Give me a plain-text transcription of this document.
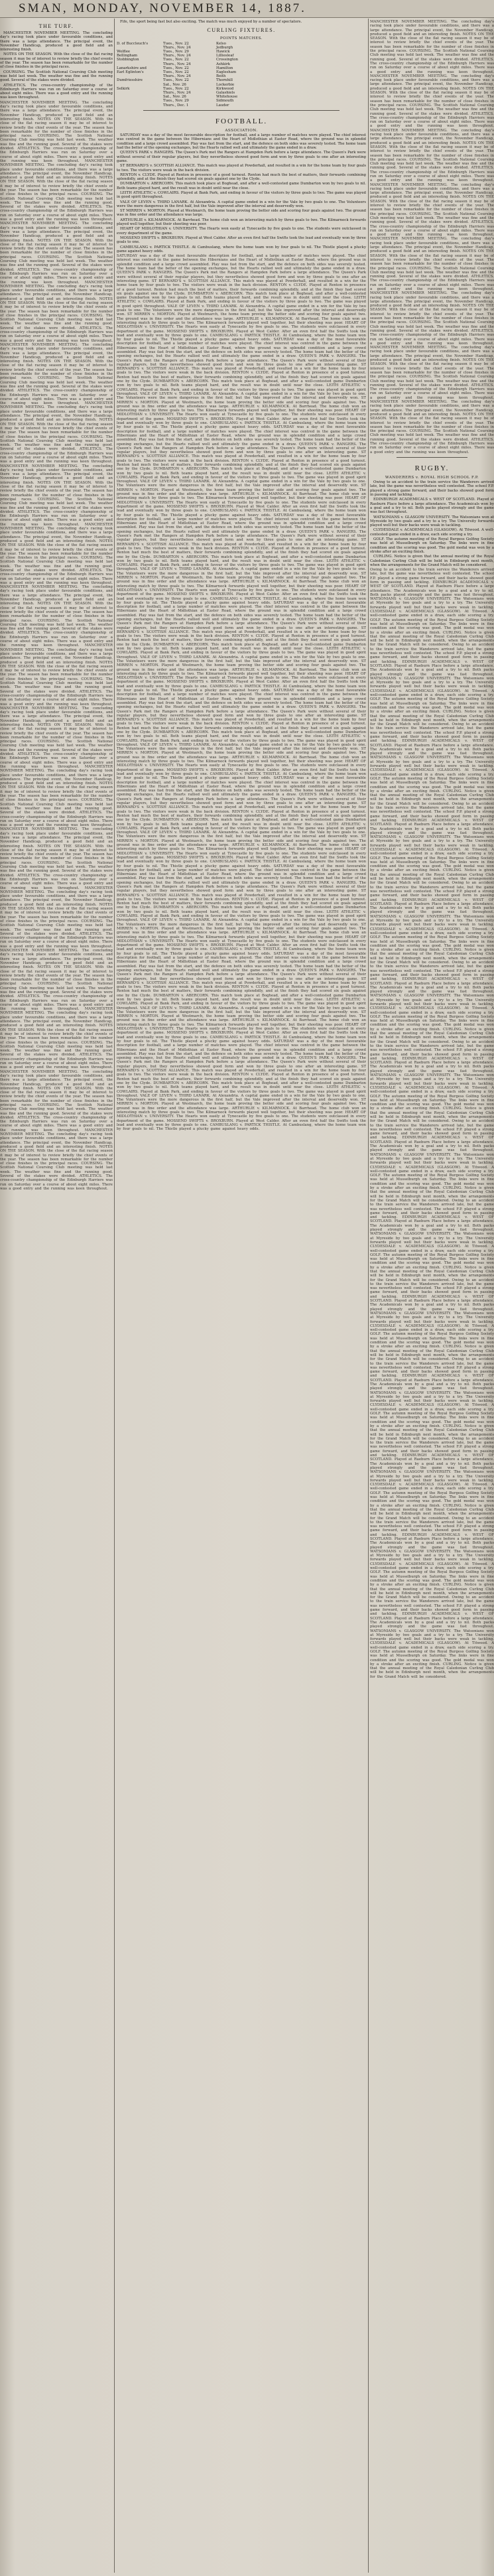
SMAN, MONDAY, NOVEMBER 14, 1887.
THE TURF.

MANCHESTER NOVEMBER MEETING. The concluding day's racing took place under favourable conditions, and there was a large attendance. The principal event, the November Handicap, produced a good field and an interesting finish.

NOTES ON THE SEASON. With the close of the flat racing season it may be of interest to review briefly the chief events of the year. The season has been remarkable for the number of close finishes in the principal races.

COURSING. The Scottish National Coursing Club meeting was held last week. The weather was fine and the running good. Several of the stakes were divided.

ATHLETICS. The cross-country championship of the Edinburgh Harriers was run on Saturday over a course of about eight miles. There was a good entry and the running was keen throughout.

MANCHESTER NOVEMBER MEETING. The concluding day's racing took place under favourable conditions, and there was a large attendance. The principal event, the November Handicap, produced a good field and an interesting finish. NOTES ON THE SEASON. With the close of the flat racing season it may be of interest to review briefly the chief events of the year. The season has been remarkable for the number of close finishes in the principal races. COURSING. The Scottish National Coursing Club meeting was held last week. The weather was fine and the running good. Several of the stakes were divided. ATHLETICS. The cross-country championship of the Edinburgh Harriers was run on Saturday over a course of about eight miles. There was a good entry and the running was keen throughout. MANCHESTER NOVEMBER MEETING. The concluding day's racing took place under favourable conditions, and there was a large attendance. The principal event, the November Handicap, produced a good field and an interesting finish. NOTES ON THE SEASON. With the close of the flat racing season it may be of interest to review briefly the chief events of the year. The season has been remarkable for the number of close finishes in the principal races. COURSING. The Scottish National Coursing Club meeting was held last week. The weather was fine and the running good. Several of the stakes were divided. ATHLETICS. The cross-country championship of the Edinburgh Harriers was run on Saturday over a course of about eight miles. There was a good entry and the running was keen throughout. MANCHESTER NOVEMBER MEETING. The concluding day's racing took place under favourable conditions, and there was a large attendance. The principal event, the November Handicap, produced a good field and an interesting finish. NOTES ON THE SEASON. With the close of the flat racing season it may be of interest to review briefly the chief events of the year. The season has been remarkable for the number of close finishes in the principal races. COURSING. The Scottish National Coursing Club meeting was held last week. The weather was fine and the running good. Several of the stakes were divided. ATHLETICS. The cross-country championship of the Edinburgh Harriers was run on Saturday over a course of about eight miles. There was a good entry and the running was keen throughout. MANCHESTER NOVEMBER MEETING. The concluding day's racing took place under favourable conditions, and there was a large attendance. The principal event, the November Handicap, produced a good field and an interesting finish. NOTES ON THE SEASON. With the close of the flat racing season it may be of interest to review briefly the chief events of the year. The season has been remarkable for the number of close finishes in the principal races. COURSING. The Scottish National Coursing Club meeting was held last week. The weather was fine and the running good. Several of the stakes were divided. ATHLETICS. The cross-country championship of the Edinburgh Harriers was run on Saturday over a course of about eight miles. There was a good entry and the running was keen throughout. MANCHESTER NOVEMBER MEETING. The concluding day's racing took place under favourable conditions, and there was a large attendance. The principal event, the November Handicap, produced a good field and an interesting finish. NOTES ON THE SEASON. With the close of the flat racing season it may be of interest to review briefly the chief events of the year. The season has been remarkable for the number of close finishes in the principal races. COURSING. The Scottish National Coursing Club meeting was held last week. The weather was fine and the running good. Several of the stakes were divided. ATHLETICS. The cross-country championship of the Edinburgh Harriers was run on Saturday over a course of about eight miles. There was a good entry and the running was keen throughout. MANCHESTER NOVEMBER MEETING. The concluding day's racing took place under favourable conditions, and there was a large attendance. The principal event, the November Handicap, produced a good field and an interesting finish. NOTES ON THE SEASON. With the close of the flat racing season it may be of interest to review briefly the chief events of the year. The season has been remarkable for the number of close finishes in the principal races. COURSING. The Scottish National Coursing Club meeting was held last week. The weather was fine and the running good. Several of the stakes were divided. ATHLETICS. The cross-country championship of the Edinburgh Harriers was run on Saturday over a course of about eight miles. There was a good entry and the running was keen throughout. MANCHESTER NOVEMBER MEETING. The concluding day's racing took place under favourable conditions, and there was a large attendance. The principal event, the November Handicap, produced a good field and an interesting finish. NOTES ON THE SEASON. With the close of the flat racing season it may be of interest to review briefly the chief events of the year. The season has been remarkable for the number of close finishes in the principal races. COURSING. The Scottish National Coursing Club meeting was held last week. The weather was fine and the running good. Several of the stakes were divided. ATHLETICS. The cross-country championship of the Edinburgh Harriers was run on Saturday over a course of about eight miles. There was a good entry and the running was keen throughout. MANCHESTER NOVEMBER MEETING. The concluding day's racing took place under favourable conditions, and there was a large attendance. The principal event, the November Handicap, produced a good field and an interesting finish. NOTES ON THE SEASON. With the close of the flat racing season it may be of interest to review briefly the chief events of the year. The season has been remarkable for the number of close finishes in the principal races. COURSING. The Scottish National Coursing Club meeting was held last week. The weather was fine and the running good. Several of the stakes were divided. ATHLETICS. The cross-country championship of the Edinburgh Harriers was run on Saturday over a course of about eight miles. There was a good entry and the running was keen throughout. MANCHESTER NOVEMBER MEETING. The concluding day's racing took place under favourable conditions, and there was a large attendance. The principal event, the November Handicap, produced a good field and an interesting finish. NOTES ON THE SEASON. With the close of the flat racing season it may be of interest to review briefly the chief events of the year. The season has been remarkable for the number of close finishes in the principal races. COURSING. The Scottish National Coursing Club meeting was held last week. The weather was fine and the running good. Several of the stakes were divided. ATHLETICS. The cross-country championship of the Edinburgh Harriers was run on Saturday over a course of about eight miles. There was a good entry and the running was keen throughout. MANCHESTER NOVEMBER MEETING. The concluding day's racing took place under favourable conditions, and there was a large attendance. The principal event, the November Handicap, produced a good field and an interesting finish. NOTES ON THE SEASON. With the close of the flat racing season it may be of interest to review briefly the chief events of the year. The season has been remarkable for the number of close finishes in the principal races. COURSING. The Scottish National Coursing Club meeting was held last week. The weather was fine and the running good. Several of the stakes were divided. ATHLETICS. The cross-country championship of the Edinburgh Harriers was run on Saturday over a course of about eight miles. There was a good entry and the running was keen throughout. MANCHESTER NOVEMBER MEETING. The concluding day's racing took place under favourable conditions, and there was a large attendance. The principal event, the November Handicap, produced a good field and an interesting finish. NOTES ON THE SEASON. With the close of the flat racing season it may be of interest to review briefly the chief events of the year. The season has been remarkable for the number of close finishes in the principal races. COURSING. The Scottish National Coursing Club meeting was held last week. The weather was fine and the running good. Several of the stakes were divided. ATHLETICS. The cross-country championship of the Edinburgh Harriers was run on Saturday over a course of about eight miles. There was a good entry and the running was keen throughout. MANCHESTER NOVEMBER MEETING. The concluding day's racing took place under favourable conditions, and there was a large attendance. The principal event, the November Handicap, produced a good field and an interesting finish. NOTES ON THE SEASON. With the close of the flat racing season it may be of interest to review briefly the chief events of the year. The season has been remarkable for the number of close finishes in the principal races. COURSING. The Scottish National Coursing Club meeting was held last week. The weather was fine and the running good. Several of the stakes were divided. ATHLETICS. The cross-country championship of the Edinburgh Harriers was run on Saturday over a course of about eight miles. There was a good entry and the running was keen throughout. MANCHESTER NOVEMBER MEETING. The concluding day's racing took place under favourable conditions, and there was a large attendance. The principal event, the November Handicap, produced a good field and an interesting finish. NOTES ON THE SEASON. With the close of the flat racing season it may be of interest to review briefly the chief events of the year. The season has been remarkable for the number of close finishes in the principal races. COURSING. The Scottish National Coursing Club meeting was held last week. The weather was fine and the running good. Several of the stakes were divided. ATHLETICS. The cross-country championship of the Edinburgh Harriers was run on Saturday over a course of about eight miles. There was a good entry and the running was keen throughout. MANCHESTER NOVEMBER MEETING. The concluding day's racing took place under favourable conditions, and there was a large attendance. The principal event, the November Handicap, produced a good field and an interesting finish. NOTES ON THE SEASON. With the close of the flat racing season it may be of interest to review briefly the chief events of the year. The season has been remarkable for the number of close finishes in the principal races. COURSING. The Scottish National Coursing Club meeting was held last week. The weather was fine and the running good. Several of the stakes were divided. ATHLETICS. The cross-country championship of the Edinburgh Harriers was run on Saturday over a course of about eight miles. There was a good entry and the running was keen throughout. MANCHESTER NOVEMBER MEETING. The concluding day's racing took place under favourable conditions, and there was a large attendance. The principal event, the November Handicap, produced a good field and an interesting finish. NOTES ON THE SEASON. With the close of the flat racing season it may be of interest to review briefly the chief events of the year. The season has been remarkable for the number of close finishes in the principal races. COURSING. The Scottish National Coursing Club meeting was held last week. The weather was fine and the running good. Several of the stakes were divided. ATHLETICS. The cross-country championship of the Edinburgh Harriers was run on Saturday over a course of about eight miles. There was a good entry and the running was keen throughout. MANCHESTER NOVEMBER MEETING. The concluding day's racing took place under favourable conditions, and there was a large attendance. The principal event, the November Handicap, produced a good field and an interesting finish. NOTES ON THE SEASON. With the close of the flat racing season it may be of interest to review briefly the chief events of the year. The season has been remarkable for the number of close finishes in the principal races. COURSING. The Scottish National Coursing Club meeting was held last week. The weather was fine and the running good. Several of the stakes were divided. ATHLETICS. The cross-country championship of the Edinburgh Harriers was run on Saturday over a course of about eight miles. There was a good entry and the running was keen throughout. MANCHESTER NOVEMBER MEETING. The concluding day's racing took place under favourable conditions, and there was a large attendance. The principal event, the November Handicap, produced a good field and an interesting finish. NOTES ON THE SEASON. With the close of the flat racing season it may be of interest to review briefly the chief events of the year. The season has been remarkable for the number of close finishes in the principal races. COURSING. The Scottish National Coursing Club meeting was held last week. The weather was fine and the running good. Several of the stakes were divided. ATHLETICS. The cross-country championship of the Edinburgh Harriers was run on Saturday over a course of about eight miles. There was a good entry and the running was keen throughout. MANCHESTER NOVEMBER MEETING. The concluding day's racing took place under favourable conditions, and there was a large attendance. The principal event, the November Handicap, produced a good field and an interesting finish. NOTES ON THE SEASON. With the close of the flat racing season it may be of interest to review briefly the chief events of the year. The season has been remarkable for the number of close finishes in the principal races. COURSING. The Scottish National Coursing Club meeting was held last week. The weather was fine and the running good. Several of the stakes were divided. ATHLETICS. The cross-country championship of the Edinburgh Harriers was run on Saturday over a course of about eight miles. There was a good entry and the running was keen throughout.

Fife, the sport being fast but also exciting. The match was much enjoyed by a number of spectators.

CURLING FIXTURES.
POINTS MATCHES.
D. of Buccleuch's	Tues., Nov. 22	Kelso
Thurs., Nov. 24	Jedburgh
Wolflee	Tues., Nov. 29	Hawick
Bellingham	Thurs., Nov. 24	Lilliesleaf
Stobbington	Tues., Nov. 22	Crossington
Thurs., Nov. 24	Ashkirk
Lanarkshire and	Tues., Nov. 22	Hamilton
Earl Eglinton's	Tues., Nov. 22	Eaglesham
Thurs., Nov. 24	Beith
Dumfriesshire	Tues., Nov. 22	Thornhill
Sat., Nov. 26	Lockerbie
Selkirk	Tues., Nov. 22	Kirkwood
Thurs., Nov. 24	Galashiels
Sat., Nov. 26	Whitehouse
Tues., Nov. 29	Sidmouth
Thurs., Dec. 1	Lauder
FOOTBALL.
ASSOCIATION.

SATURDAY was a day of the most favourable description for football, and a large number of matches were played. The chief interest was centred in the game between the Hibernians and the Heart of Midlothian at Easter Road, where the ground was in splendid condition and a large crowd assembled. Play was fast from the start, and the defence on both sides was severely tested. The home team had the better of the opening exchanges, but the Hearts rallied well and ultimately the game ended in a draw.

QUEEN'S PARK v. RANGERS. The Queen's Park met the Rangers at Hampden Park before a large attendance. The Queen's Park were without several of their regular players, but they nevertheless showed good form and won by three goals to one after an interesting game.

ST BERNARD'S v. SCOTTISH ALLIANCE. This match was played at Powderhall, and resulted in a win for the home team by four goals to two. The visitors were weak in the back division.

RENTON v. CLYDE. Played at Renton in presence of a good turnout. Renton had much the best of matters, their forwards combining splendidly, and at the finish they had scored six goals against one by the Clyde.

DUMBARTON v. ABERCORN. This match took place at Boghead, and after a well-contested game Dumbarton won by two goals to nil. Both teams played hard, and the result was in doubt until near the close.

LEITH ATHLETIC v. COWLAIRS. Played at Bank Park, and ending in favour of the visitors by three goals to two. The game was played in good spirit throughout.

VALE OF LEVEN v. THIRD LANARK. At Alexandria. A capital game ended in a win for the Vale by two goals to one. The Volunteers were the more dangerous in the first half, but the Vale improved after the interval and deservedly won.

ST MIRREN v. MORTON. Played at Westmarch, the home team proving the better side and scoring four goals against two. The ground was in fine order and the attendance was large.

ARTHURLIE v. KILMARNOCK. At Barrhead. The home club won an interesting match by three goals to two. The Kilmarnock forwards played well together, but their shooting was poor.

HEART OF MIDLOTHIAN v. UNIVERSITY. The Hearts won easily at Tynecastle by five goals to one. The students were outclassed in every department of the game.

MOSSEND SWIFTS v. BROXBURN. Played at West Calder. After an even first half the Swifts took the lead and eventually won by three goals to one.

CAMBUSLANG v. PARTICK THISTLE. At Cambuslang, where the home team won by four goals to nil. The Thistle played a plucky game against heavy odds.

SATURDAY was a day of the most favourable description for football, and a large number of matches were played. The chief interest was centred in the game between the Hibernians and the Heart of Midlothian at Easter Road, where the ground was in splendid condition and a large crowd assembled. Play was fast from the start, and the defence on both sides was severely tested. The home team had the better of the opening exchanges, but the Hearts rallied well and ultimately the game ended in a draw. QUEEN'S PARK v. RANGERS. The Queen's Park met the Rangers at Hampden Park before a large attendance. The Queen's Park were without several of their regular players, but they nevertheless showed good form and won by three goals to one after an interesting game. ST BERNARD'S v. SCOTTISH ALLIANCE. This match was played at Powderhall, and resulted in a win for the home team by four goals to two. The visitors were weak in the back division. RENTON v. CLYDE. Played at Renton in presence of a good turnout. Renton had much the best of matters, their forwards combining splendidly, and at the finish they had scored six goals against one by the Clyde. DUMBARTON v. ABERCORN. This match took place at Boghead, and after a well-contested game Dumbarton won by two goals to nil. Both teams played hard, and the result was in doubt until near the close. LEITH ATHLETIC v. COWLAIRS. Played at Bank Park, and ending in favour of the visitors by three goals to two. The game was played in good spirit throughout. VALE OF LEVEN v. THIRD LANARK. At Alexandria. A capital game ended in a win for the Vale by two goals to one. The Volunteers were the more dangerous in the first half, but the Vale improved after the interval and deservedly won. ST MIRREN v. MORTON. Played at Westmarch, the home team proving the better side and scoring four goals against two. The ground was in fine order and the attendance was large. ARTHURLIE v. KILMARNOCK. At Barrhead. The home club won an interesting match by three goals to two. The Kilmarnock forwards played well together, but their shooting was poor. HEART OF MIDLOTHIAN v. UNIVERSITY. The Hearts won easily at Tynecastle by five goals to one. The students were outclassed in every department of the game. MOSSEND SWIFTS v. BROXBURN. Played at West Calder. After an even first half the Swifts took the lead and eventually won by three goals to one. CAMBUSLANG v. PARTICK THISTLE. At Cambuslang, where the home team won by four goals to nil. The Thistle played a plucky game against heavy odds. SATURDAY was a day of the most favourable description for football, and a large number of matches were played. The chief interest was centred in the game between the Hibernians and the Heart of Midlothian at Easter Road, where the ground was in splendid condition and a large crowd assembled. Play was fast from the start, and the defence on both sides was severely tested. The home team had the better of the opening exchanges, but the Hearts rallied well and ultimately the game ended in a draw. QUEEN'S PARK v. RANGERS. The Queen's Park met the Rangers at Hampden Park before a large attendance. The Queen's Park were without several of their regular players, but they nevertheless showed good form and won by three goals to one after an interesting game. ST BERNARD'S v. SCOTTISH ALLIANCE. This match was played at Powderhall, and resulted in a win for the home team by four goals to two. The visitors were weak in the back division. RENTON v. CLYDE. Played at Renton in presence of a good turnout. Renton had much the best of matters, their forwards combining splendidly, and at the finish they had scored six goals against one by the Clyde. DUMBARTON v. ABERCORN. This match took place at Boghead, and after a well-contested game Dumbarton won by two goals to nil. Both teams played hard, and the result was in doubt until near the close. LEITH ATHLETIC v. COWLAIRS. Played at Bank Park, and ending in favour of the visitors by three goals to two. The game was played in good spirit throughout. VALE OF LEVEN v. THIRD LANARK. At Alexandria. A capital game ended in a win for the Vale by two goals to one. The Volunteers were the more dangerous in the first half, but the Vale improved after the interval and deservedly won. ST MIRREN v. MORTON. Played at Westmarch, the home team proving the better side and scoring four goals against two. The ground was in fine order and the attendance was large. ARTHURLIE v. KILMARNOCK. At Barrhead. The home club won an interesting match by three goals to two. The Kilmarnock forwards played well together, but their shooting was poor. HEART OF MIDLOTHIAN v. UNIVERSITY. The Hearts won easily at Tynecastle by five goals to one. The students were outclassed in every department of the game. MOSSEND SWIFTS v. BROXBURN. Played at West Calder. After an even first half the Swifts took the lead and eventually won by three goals to one. CAMBUSLANG v. PARTICK THISTLE. At Cambuslang, where the home team won by four goals to nil. The Thistle played a plucky game against heavy odds. SATURDAY was a day of the most favourable description for football, and a large number of matches were played. The chief interest was centred in the game between the Hibernians and the Heart of Midlothian at Easter Road, where the ground was in splendid condition and a large crowd assembled. Play was fast from the start, and the defence on both sides was severely tested. The home team had the better of the opening exchanges, but the Hearts rallied well and ultimately the game ended in a draw. QUEEN'S PARK v. RANGERS. The Queen's Park met the Rangers at Hampden Park before a large attendance. The Queen's Park were without several of their regular players, but they nevertheless showed good form and won by three goals to one after an interesting game. ST BERNARD'S v. SCOTTISH ALLIANCE. This match was played at Powderhall, and resulted in a win for the home team by four goals to two. The visitors were weak in the back division. RENTON v. CLYDE. Played at Renton in presence of a good turnout. Renton had much the best of matters, their forwards combining splendidly, and at the finish they had scored six goals against one by the Clyde. DUMBARTON v. ABERCORN. This match took place at Boghead, and after a well-contested game Dumbarton won by two goals to nil. Both teams played hard, and the result was in doubt until near the close. LEITH ATHLETIC v. COWLAIRS. Played at Bank Park, and ending in favour of the visitors by three goals to two. The game was played in good spirit throughout. VALE OF LEVEN v. THIRD LANARK. At Alexandria. A capital game ended in a win for the Vale by two goals to one. The Volunteers were the more dangerous in the first half, but the Vale improved after the interval and deservedly won. ST MIRREN v. MORTON. Played at Westmarch, the home team proving the better side and scoring four goals against two. The ground was in fine order and the attendance was large. ARTHURLIE v. KILMARNOCK. At Barrhead. The home club won an interesting match by three goals to two. The Kilmarnock forwards played well together, but their shooting was poor. HEART OF MIDLOTHIAN v. UNIVERSITY. The Hearts won easily at Tynecastle by five goals to one. The students were outclassed in every department of the game. MOSSEND SWIFTS v. BROXBURN. Played at West Calder. After an even first half the Swifts took the lead and eventually won by three goals to one. CAMBUSLANG v. PARTICK THISTLE. At Cambuslang, where the home team won by four goals to nil. The Thistle played a plucky game against heavy odds. SATURDAY was a day of the most favourable description for football, and a large number of matches were played. The chief interest was centred in the game between the Hibernians and the Heart of Midlothian at Easter Road, where the ground was in splendid condition and a large crowd assembled. Play was fast from the start, and the defence on both sides was severely tested. The home team had the better of the opening exchanges, but the Hearts rallied well and ultimately the game ended in a draw. QUEEN'S PARK v. RANGERS. The Queen's Park met the Rangers at Hampden Park before a large attendance. The Queen's Park were without several of their regular players, but they nevertheless showed good form and won by three goals to one after an interesting game. ST BERNARD'S v. SCOTTISH ALLIANCE. This match was played at Powderhall, and resulted in a win for the home team by four goals to two. The visitors were weak in the back division. RENTON v. CLYDE. Played at Renton in presence of a good turnout. Renton had much the best of matters, their forwards combining splendidly, and at the finish they had scored six goals against one by the Clyde. DUMBARTON v. ABERCORN. This match took place at Boghead, and after a well-contested game Dumbarton won by two goals to nil. Both teams played hard, and the result was in doubt until near the close. LEITH ATHLETIC v. COWLAIRS. Played at Bank Park, and ending in favour of the visitors by three goals to two. The game was played in good spirit throughout. VALE OF LEVEN v. THIRD LANARK. At Alexandria. A capital game ended in a win for the Vale by two goals to one. The Volunteers were the more dangerous in the first half, but the Vale improved after the interval and deservedly won. ST MIRREN v. MORTON. Played at Westmarch, the home team proving the better side and scoring four goals against two. The ground was in fine order and the attendance was large. ARTHURLIE v. KILMARNOCK. At Barrhead. The home club won an interesting match by three goals to two. The Kilmarnock forwards played well together, but their shooting was poor. HEART OF MIDLOTHIAN v. UNIVERSITY. The Hearts won easily at Tynecastle by five goals to one. The students were outclassed in every department of the game. MOSSEND SWIFTS v. BROXBURN. Played at West Calder. After an even first half the Swifts took the lead and eventually won by three goals to one. CAMBUSLANG v. PARTICK THISTLE. At Cambuslang, where the home team won by four goals to nil. The Thistle played a plucky game against heavy odds. SATURDAY was a day of the most favourable description for football, and a large number of matches were played. The chief interest was centred in the game between the Hibernians and the Heart of Midlothian at Easter Road, where the ground was in splendid condition and a large crowd assembled. Play was fast from the start, and the defence on both sides was severely tested. The home team had the better of the opening exchanges, but the Hearts rallied well and ultimately the game ended in a draw. QUEEN'S PARK v. RANGERS. The Queen's Park met the Rangers at Hampden Park before a large attendance. The Queen's Park were without several of their regular players, but they nevertheless showed good form and won by three goals to one after an interesting game. ST BERNARD'S v. SCOTTISH ALLIANCE. This match was played at Powderhall, and resulted in a win for the home team by four goals to two. The visitors were weak in the back division. RENTON v. CLYDE. Played at Renton in presence of a good turnout. Renton had much the best of matters, their forwards combining splendidly, and at the finish they had scored six goals against one by the Clyde. DUMBARTON v. ABERCORN. This match took place at Boghead, and after a well-contested game Dumbarton won by two goals to nil. Both teams played hard, and the result was in doubt until near the close. LEITH ATHLETIC v. COWLAIRS. Played at Bank Park, and ending in favour of the visitors by three goals to two. The game was played in good spirit throughout. VALE OF LEVEN v. THIRD LANARK. At Alexandria. A capital game ended in a win for the Vale by two goals to one. The Volunteers were the more dangerous in the first half, but the Vale improved after the interval and deservedly won. ST MIRREN v. MORTON. Played at Westmarch, the home team proving the better side and scoring four goals against two. The ground was in fine order and the attendance was large. ARTHURLIE v. KILMARNOCK. At Barrhead. The home club won an interesting match by three goals to two. The Kilmarnock forwards played well together, but their shooting was poor. HEART OF MIDLOTHIAN v. UNIVERSITY. The Hearts won easily at Tynecastle by five goals to one. The students were outclassed in every department of the game. MOSSEND SWIFTS v. BROXBURN. Played at West Calder. After an even first half the Swifts took the lead and eventually won by three goals to one. CAMBUSLANG v. PARTICK THISTLE. At Cambuslang, where the home team won by four goals to nil. The Thistle played a plucky game against heavy odds. SATURDAY was a day of the most favourable description for football, and a large number of matches were played. The chief interest was centred in the game between the Hibernians and the Heart of Midlothian at Easter Road, where the ground was in splendid condition and a large crowd assembled. Play was fast from the start, and the defence on both sides was severely tested. The home team had the better of the opening exchanges, but the Hearts rallied well and ultimately the game ended in a draw. QUEEN'S PARK v. RANGERS. The Queen's Park met the Rangers at Hampden Park before a large attendance. The Queen's Park were without several of their regular players, but they nevertheless showed good form and won by three goals to one after an interesting game. ST BERNARD'S v. SCOTTISH ALLIANCE. This match was played at Powderhall, and resulted in a win for the home team by four goals to two. The visitors were weak in the back division. RENTON v. CLYDE. Played at Renton in presence of a good turnout. Renton had much the best of matters, their forwards combining splendidly, and at the finish they had scored six goals against one by the Clyde. DUMBARTON v. ABERCORN. This match took place at Boghead, and after a well-contested game Dumbarton won by two goals to nil. Both teams played hard, and the result was in doubt until near the close. LEITH ATHLETIC v. COWLAIRS. Played at Bank Park, and ending in favour of the visitors by three goals to two. The game was played in good spirit throughout. VALE OF LEVEN v. THIRD LANARK. At Alexandria. A capital game ended in a win for the Vale by two goals to one. The Volunteers were the more dangerous in the first half, but the Vale improved after the interval and deservedly won. ST MIRREN v. MORTON. Played at Westmarch, the home team proving the better side and scoring four goals against two. The ground was in fine order and the attendance was large. ARTHURLIE v. KILMARNOCK. At Barrhead. The home club won an interesting match by three goals to two. The Kilmarnock forwards played well together, but their shooting was poor. HEART OF MIDLOTHIAN v. UNIVERSITY. The Hearts won easily at Tynecastle by five goals to one. The students were outclassed in every department of the game. MOSSEND SWIFTS v. BROXBURN. Played at West Calder. After an even first half the Swifts took the lead and eventually won by three goals to one. CAMBUSLANG v. PARTICK THISTLE. At Cambuslang, where the home team won by four goals to nil. The Thistle played a plucky game against heavy odds. SATURDAY was a day of the most favourable description for football, and a large number of matches were played. The chief interest was centred in the game between the Hibernians and the Heart of Midlothian at Easter Road, where the ground was in splendid condition and a large crowd assembled. Play was fast from the start, and the defence on both sides was severely tested. The home team had the better of the opening exchanges, but the Hearts rallied well and ultimately the game ended in a draw. QUEEN'S PARK v. RANGERS. The Queen's Park met the Rangers at Hampden Park before a large attendance. The Queen's Park were without several of their regular players, but they nevertheless showed good form and won by three goals to one after an interesting game. ST BERNARD'S v. SCOTTISH ALLIANCE. This match was played at Powderhall, and resulted in a win for the home team by four goals to two. The visitors were weak in the back division. RENTON v. CLYDE. Played at Renton in presence of a good turnout. Renton had much the best of matters, their forwards combining splendidly, and at the finish they had scored six goals against one by the Clyde. DUMBARTON v. ABERCORN. This match took place at Boghead, and after a well-contested game Dumbarton won by two goals to nil. Both teams played hard, and the result was in doubt until near the close. LEITH ATHLETIC v. COWLAIRS. Played at Bank Park, and ending in favour of the visitors by three goals to two. The game was played in good spirit throughout. VALE OF LEVEN v. THIRD LANARK. At Alexandria. A capital game ended in a win for the Vale by two goals to one. The Volunteers were the more dangerous in the first half, but the Vale improved after the interval and deservedly won. ST MIRREN v. MORTON. Played at Westmarch, the home team proving the better side and scoring four goals against two. The ground was in fine order and the attendance was large. ARTHURLIE v. KILMARNOCK. At Barrhead. The home club won an interesting match by three goals to two. The Kilmarnock forwards played well together, but their shooting was poor. HEART OF MIDLOTHIAN v. UNIVERSITY. The Hearts won easily at Tynecastle by five goals to one. The students were outclassed in every department of the game. MOSSEND SWIFTS v. BROXBURN. Played at West Calder. After an even first half the Swifts took the lead and eventually won by three goals to one. CAMBUSLANG v. PARTICK THISTLE. At Cambuslang, where the home team won by four goals to nil. The Thistle played a plucky game against heavy odds. SATURDAY was a day of the most favourable description for football, and a large number of matches were played. The chief interest was centred in the game between the Hibernians and the Heart of Midlothian at Easter Road, where the ground was in splendid condition and a large crowd assembled. Play was fast from the start, and the defence on both sides was severely tested. The home team had the better of the opening exchanges, but the Hearts rallied well and ultimately the game ended in a draw. QUEEN'S PARK v. RANGERS. The Queen's Park met the Rangers at Hampden Park before a large attendance. The Queen's Park were without several of their regular players, but they nevertheless showed good form and won by three goals to one after an interesting game. ST BERNARD'S v. SCOTTISH ALLIANCE. This match was played at Powderhall, and resulted in a win for the home team by four goals to two. The visitors were weak in the back division. RENTON v. CLYDE. Played at Renton in presence of a good turnout. Renton had much the best of matters, their forwards combining splendidly, and at the finish they had scored six goals against one by the Clyde. DUMBARTON v. ABERCORN. This match took place at Boghead, and after a well-contested game Dumbarton won by two goals to nil. Both teams played hard, and the result was in doubt until near the close. LEITH ATHLETIC v. COWLAIRS. Played at Bank Park, and ending in favour of the visitors by three goals to two. The game was played in good spirit throughout. VALE OF LEVEN v. THIRD LANARK. At Alexandria. A capital game ended in a win for the Vale by two goals to one. The Volunteers were the more dangerous in the first half, but the Vale improved after the interval and deservedly won. ST MIRREN v. MORTON. Played at Westmarch, the home team proving the better side and scoring four goals against two. The ground was in fine order and the attendance was large. ARTHURLIE v. KILMARNOCK. At Barrhead. The home club won an interesting match by three goals to two. The Kilmarnock forwards played well together, but their shooting was poor. HEART OF MIDLOTHIAN v. UNIVERSITY. The Hearts won easily at Tynecastle by five goals to one. The students were outclassed in every department of the game. MOSSEND SWIFTS v. BROXBURN. Played at West Calder. After an even first half the Swifts took the lead and eventually won by three goals to one. CAMBUSLANG v. PARTICK THISTLE. At Cambuslang, where the home team won by four goals to nil. The Thistle played a plucky game against heavy odds. SATURDAY was a day of the most favourable description for football, and a large number of matches were played. The chief interest was centred in the game between the Hibernians and the Heart of Midlothian at Easter Road, where the ground was in splendid condition and a large crowd assembled. Play was fast from the start, and the defence on both sides was severely tested. The home team had the better of the opening exchanges, but the Hearts rallied well and ultimately the game ended in a draw. QUEEN'S PARK v. RANGERS. The Queen's Park met the Rangers at Hampden Park before a large attendance. The Queen's Park were without several of their regular players, but they nevertheless showed good form and won by three goals to one after an interesting game. ST BERNARD'S v. SCOTTISH ALLIANCE. This match was played at Powderhall, and resulted in a win for the home team by four goals to two. The visitors were weak in the back division. RENTON v. CLYDE. Played at Renton in presence of a good turnout. Renton had much the best of matters, their forwards combining splendidly, and at the finish they had scored six goals against one by the Clyde. DUMBARTON v. ABERCORN. This match took place at Boghead, and after a well-contested game Dumbarton won by two goals to nil. Both teams played hard, and the result was in doubt until near the close. LEITH ATHLETIC v. COWLAIRS. Played at Bank Park, and ending in favour of the visitors by three goals to two. The game was played in good spirit throughout. VALE OF LEVEN v. THIRD LANARK. At Alexandria. A capital game ended in a win for the Vale by two goals to one. The Volunteers were the more dangerous in the first half, but the Vale improved after the interval and deservedly won. ST MIRREN v. MORTON. Played at Westmarch, the home team proving the better side and scoring four goals against two. The ground was in fine order and the attendance was large. ARTHURLIE v. KILMARNOCK. At Barrhead. The home club won an interesting match by three goals to two. The Kilmarnock forwards played well together, but their shooting was poor. HEART OF MIDLOTHIAN v. UNIVERSITY. The Hearts won easily at Tynecastle by five goals to one. The students were outclassed in every department of the game. MOSSEND SWIFTS v. BROXBURN. Played at West Calder. After an even first half the Swifts took the lead and eventually won by three goals to one. CAMBUSLANG v. PARTICK THISTLE. At Cambuslang, where the home team won by four goals to nil. The Thistle played a plucky game against heavy odds. SATURDAY was a day of the most favourable description for football, and a large number of matches were played. The chief interest was centred in the game between the Hibernians and the Heart of Midlothian at Easter Road, where the ground was in splendid condition and a large crowd assembled. Play was fast from the start, and the defence on both sides was severely tested. The home team had the better of the opening exchanges, but the Hearts rallied well and ultimately the game ended in a draw. QUEEN'S PARK v. RANGERS. The Queen's Park met the Rangers at Hampden Park before a large attendance. The Queen's Park were without several of their regular players, but they nevertheless showed good form and won by three goals to one after an interesting game. ST BERNARD'S v. SCOTTISH ALLIANCE. This match was played at Powderhall, and resulted in a win for the home team by four goals to two. The visitors were weak in the back division. RENTON v. CLYDE. Played at Renton in presence of a good turnout. Renton had much the best of matters, their forwards combining splendidly, and at the finish they had scored six goals against one by the Clyde. DUMBARTON v. ABERCORN. This match took place at Boghead, and after a well-contested game Dumbarton won by two goals to nil. Both teams played hard, and the result was in doubt until near the close. LEITH ATHLETIC v. COWLAIRS. Played at Bank Park, and ending in favour of the visitors by three goals to two. The game was played in good spirit throughout. VALE OF LEVEN v. THIRD LANARK. At Alexandria. A capital game ended in a win for the Vale by two goals to one. The Volunteers were the more dangerous in the first half, but the Vale improved after the interval and deservedly won. ST MIRREN v. MORTON. Played at Westmarch, the home team proving the better side and scoring four goals against two. The ground was in fine order and the attendance was large. ARTHURLIE v. KILMARNOCK. At Barrhead. The home club won an interesting match by three goals to two. The Kilmarnock forwards played well together, but their shooting was poor. HEART OF MIDLOTHIAN v. UNIVERSITY. The Hearts won easily at Tynecastle by five goals to one. The students were outclassed in every department of the game. MOSSEND SWIFTS v. BROXBURN. Played at West Calder. After an even first half the Swifts took the lead and eventually won by three goals to one. CAMBUSLANG v. PARTICK THISTLE. At Cambuslang, where the home team won by four goals to nil. The Thistle played a plucky game against heavy odds.
MANCHESTER NOVEMBER MEETING. The concluding day's racing took place under favourable conditions, and there was a large attendance. The principal event, the November Handicap, produced a good field and an interesting finish. NOTES ON THE SEASON. With the close of the flat racing season it may be of interest to review briefly the chief events of the year. The season has been remarkable for the number of close finishes in the principal races. COURSING. The Scottish National Coursing Club meeting was held last week. The weather was fine and the running good. Several of the stakes were divided. ATHLETICS. The cross-country championship of the Edinburgh Harriers was run on Saturday over a course of about eight miles. There was a good entry and the running was keen throughout. MANCHESTER NOVEMBER MEETING. The concluding day's racing took place under favourable conditions, and there was a large attendance. The principal event, the November Handicap, produced a good field and an interesting finish. NOTES ON THE SEASON. With the close of the flat racing season it may be of interest to review briefly the chief events of the year. The season has been remarkable for the number of close finishes in the principal races. COURSING. The Scottish National Coursing Club meeting was held last week. The weather was fine and the running good. Several of the stakes were divided. ATHLETICS. The cross-country championship of the Edinburgh Harriers was run on Saturday over a course of about eight miles. There was a good entry and the running was keen throughout. MANCHESTER NOVEMBER MEETING. The concluding day's racing took place under favourable conditions, and there was a large attendance. The principal event, the November Handicap, produced a good field and an interesting finish. NOTES ON THE SEASON. With the close of the flat racing season it may be of interest to review briefly the chief events of the year. The season has been remarkable for the number of close finishes in the principal races. COURSING. The Scottish National Coursing Club meeting was held last week. The weather was fine and the running good. Several of the stakes were divided. ATHLETICS. The cross-country championship of the Edinburgh Harriers was run on Saturday over a course of about eight miles. There was a good entry and the running was keen throughout. MANCHESTER NOVEMBER MEETING. The concluding day's racing took place under favourable conditions, and there was a large attendance. The principal event, the November Handicap, produced a good field and an interesting finish. NOTES ON THE SEASON. With the close of the flat racing season it may be of interest to review briefly the chief events of the year. The season has been remarkable for the number of close finishes in the principal races. COURSING. The Scottish National Coursing Club meeting was held last week. The weather was fine and the running good. Several of the stakes were divided. ATHLETICS. The cross-country championship of the Edinburgh Harriers was run on Saturday over a course of about eight miles. There was a good entry and the running was keen throughout. MANCHESTER NOVEMBER MEETING. The concluding day's racing took place under favourable conditions, and there was a large attendance. The principal event, the November Handicap, produced a good field and an interesting finish. NOTES ON THE SEASON. With the close of the flat racing season it may be of interest to review briefly the chief events of the year. The season has been remarkable for the number of close finishes in the principal races. COURSING. The Scottish National Coursing Club meeting was held last week. The weather was fine and the running good. Several of the stakes were divided. ATHLETICS. The cross-country championship of the Edinburgh Harriers was run on Saturday over a course of about eight miles. There was a good entry and the running was keen throughout. MANCHESTER NOVEMBER MEETING. The concluding day's racing took place under favourable conditions, and there was a large attendance. The principal event, the November Handicap, produced a good field and an interesting finish. NOTES ON THE SEASON. With the close of the flat racing season it may be of interest to review briefly the chief events of the year. The season has been remarkable for the number of close finishes in the principal races. COURSING. The Scottish National Coursing Club meeting was held last week. The weather was fine and the running good. Several of the stakes were divided. ATHLETICS. The cross-country championship of the Edinburgh Harriers was run on Saturday over a course of about eight miles. There was a good entry and the running was keen throughout. MANCHESTER NOVEMBER MEETING. The concluding day's racing took place under favourable conditions, and there was a large attendance. The principal event, the November Handicap, produced a good field and an interesting finish. NOTES ON THE SEASON. With the close of the flat racing season it may be of interest to review briefly the chief events of the year. The season has been remarkable for the number of close finishes in the principal races. COURSING. The Scottish National Coursing Club meeting was held last week. The weather was fine and the running good. Several of the stakes were divided. ATHLETICS. The cross-country championship of the Edinburgh Harriers was run on Saturday over a course of about eight miles. There was a good entry and the running was keen throughout. MANCHESTER NOVEMBER MEETING. The concluding day's racing took place under favourable conditions, and there was a large attendance. The principal event, the November Handicap, produced a good field and an interesting finish. NOTES ON THE SEASON. With the close of the flat racing season it may be of interest to review briefly the chief events of the year. The season has been remarkable for the number of close finishes in the principal races. COURSING. The Scottish National Coursing Club meeting was held last week. The weather was fine and the running good. Several of the stakes were divided. ATHLETICS. The cross-country championship of the Edinburgh Harriers was run on Saturday over a course of about eight miles. There was a good entry and the running was keen throughout.
RUGBY.
WANDERERS v. ROYAL HIGH SCHOOL F.P.

Owing to an accident to the train service the Wanderers arrived late, but the game was nevertheless well contested. The school F.P. played a strong game forward, and their backs showed good form in passing and tackling.

EDINBURGH ACADEMICALS v. WEST OF SCOTLAND. Played at Raeburn Place before a large attendance. The Academicals won by a goal and a try to nil. Both packs played strongly and the game was fast throughout.

WATSONIANS v. GLASGOW UNIVERSITY. The Watsonians won at Myreside by two goals and a try to a try. The University forwards played well but their backs were weak in tackling.

CLYDESDALE v. ACADEMICALS (GLASGOW). At Titwood. A well-contested game ended in a draw, each side scoring a try.

GOLF. The autumn meeting of the Royal Burgess Golfing Society was held at Musselburgh on Saturday. The links were in fine condition and the scoring was good. The gold medal was won by a stroke after an exciting finish.

CURLING. Notice is given that the annual meeting of the Royal Caledonian Curling Club will be held in Edinburgh next month, when the arrangements for the Grand Match will be considered.

Owing to an accident to the train service the Wanderers arrived late, but the game was nevertheless well contested. The school F.P. played a strong game forward, and their backs showed good form in passing and tackling. EDINBURGH ACADEMICALS v. WEST OF SCOTLAND. Played at Raeburn Place before a large attendance. The Academicals won by a goal and a try to nil. Both packs played strongly and the game was fast throughout. WATSONIANS v. GLASGOW UNIVERSITY. The Watsonians won at Myreside by two goals and a try to a try. The University forwards played well but their backs were weak in tackling. CLYDESDALE v. ACADEMICALS (GLASGOW). At Titwood. A well-contested game ended in a draw, each side scoring a try. GOLF. The autumn meeting of the Royal Burgess Golfing Society was held at Musselburgh on Saturday. The links were in fine condition and the scoring was good. The gold medal was won by a stroke after an exciting finish. CURLING. Notice is given that the annual meeting of the Royal Caledonian Curling Club will be held in Edinburgh next month, when the arrangements for the Grand Match will be considered. Owing to an accident to the train service the Wanderers arrived late, but the game was nevertheless well contested. The school F.P. played a strong game forward, and their backs showed good form in passing and tackling. EDINBURGH ACADEMICALS v. WEST OF SCOTLAND. Played at Raeburn Place before a large attendance. The Academicals won by a goal and a try to nil. Both packs played strongly and the game was fast throughout. WATSONIANS v. GLASGOW UNIVERSITY. The Watsonians won at Myreside by two goals and a try to a try. The University forwards played well but their backs were weak in tackling. CLYDESDALE v. ACADEMICALS (GLASGOW). At Titwood. A well-contested game ended in a draw, each side scoring a try. GOLF. The autumn meeting of the Royal Burgess Golfing Society was held at Musselburgh on Saturday. The links were in fine condition and the scoring was good. The gold medal was won by a stroke after an exciting finish. CURLING. Notice is given that the annual meeting of the Royal Caledonian Curling Club will be held in Edinburgh next month, when the arrangements for the Grand Match will be considered. Owing to an accident to the train service the Wanderers arrived late, but the game was nevertheless well contested. The school F.P. played a strong game forward, and their backs showed good form in passing and tackling. EDINBURGH ACADEMICALS v. WEST OF SCOTLAND. Played at Raeburn Place before a large attendance. The Academicals won by a goal and a try to nil. Both packs played strongly and the game was fast throughout. WATSONIANS v. GLASGOW UNIVERSITY. The Watsonians won at Myreside by two goals and a try to a try. The University forwards played well but their backs were weak in tackling. CLYDESDALE v. ACADEMICALS (GLASGOW). At Titwood. A well-contested game ended in a draw, each side scoring a try. GOLF. The autumn meeting of the Royal Burgess Golfing Society was held at Musselburgh on Saturday. The links were in fine condition and the scoring was good. The gold medal was won by a stroke after an exciting finish. CURLING. Notice is given that the annual meeting of the Royal Caledonian Curling Club will be held in Edinburgh next month, when the arrangements for the Grand Match will be considered. Owing to an accident to the train service the Wanderers arrived late, but the game was nevertheless well contested. The school F.P. played a strong game forward, and their backs showed good form in passing and tackling. EDINBURGH ACADEMICALS v. WEST OF SCOTLAND. Played at Raeburn Place before a large attendance. The Academicals won by a goal and a try to nil. Both packs played strongly and the game was fast throughout. WATSONIANS v. GLASGOW UNIVERSITY. The Watsonians won at Myreside by two goals and a try to a try. The University forwards played well but their backs were weak in tackling. CLYDESDALE v. ACADEMICALS (GLASGOW). At Titwood. A well-contested game ended in a draw, each side scoring a try. GOLF. The autumn meeting of the Royal Burgess Golfing Society was held at Musselburgh on Saturday. The links were in fine condition and the scoring was good. The gold medal was won by a stroke after an exciting finish. CURLING. Notice is given that the annual meeting of the Royal Caledonian Curling Club will be held in Edinburgh next month, when the arrangements for the Grand Match will be considered. Owing to an accident to the train service the Wanderers arrived late, but the game was nevertheless well contested. The school F.P. played a strong game forward, and their backs showed good form in passing and tackling. EDINBURGH ACADEMICALS v. WEST OF SCOTLAND. Played at Raeburn Place before a large attendance. The Academicals won by a goal and a try to nil. Both packs played strongly and the game was fast throughout. WATSONIANS v. GLASGOW UNIVERSITY. The Watsonians won at Myreside by two goals and a try to a try. The University forwards played well but their backs were weak in tackling. CLYDESDALE v. ACADEMICALS (GLASGOW). At Titwood. A well-contested game ended in a draw, each side scoring a try. GOLF. The autumn meeting of the Royal Burgess Golfing Society was held at Musselburgh on Saturday. The links were in fine condition and the scoring was good. The gold medal was won by a stroke after an exciting finish. CURLING. Notice is given that the annual meeting of the Royal Caledonian Curling Club will be held in Edinburgh next month, when the arrangements for the Grand Match will be considered. Owing to an accident to the train service the Wanderers arrived late, but the game was nevertheless well contested. The school F.P. played a strong game forward, and their backs showed good form in passing and tackling. EDINBURGH ACADEMICALS v. WEST OF SCOTLAND. Played at Raeburn Place before a large attendance. The Academicals won by a goal and a try to nil. Both packs played strongly and the game was fast throughout. WATSONIANS v. GLASGOW UNIVERSITY. The Watsonians won at Myreside by two goals and a try to a try. The University forwards played well but their backs were weak in tackling. CLYDESDALE v. ACADEMICALS (GLASGOW). At Titwood. A well-contested game ended in a draw, each side scoring a try. GOLF. The autumn meeting of the Royal Burgess Golfing Society was held at Musselburgh on Saturday. The links were in fine condition and the scoring was good. The gold medal was won by a stroke after an exciting finish. CURLING. Notice is given that the annual meeting of the Royal Caledonian Curling Club will be held in Edinburgh next month, when the arrangements for the Grand Match will be considered. Owing to an accident to the train service the Wanderers arrived late, but the game was nevertheless well contested. The school F.P. played a strong game forward, and their backs showed good form in passing and tackling. EDINBURGH ACADEMICALS v. WEST OF SCOTLAND. Played at Raeburn Place before a large attendance. The Academicals won by a goal and a try to nil. Both packs played strongly and the game was fast throughout. WATSONIANS v. GLASGOW UNIVERSITY. The Watsonians won at Myreside by two goals and a try to a try. The University forwards played well but their backs were weak in tackling. CLYDESDALE v. ACADEMICALS (GLASGOW). At Titwood. A well-contested game ended in a draw, each side scoring a try. GOLF. The autumn meeting of the Royal Burgess Golfing Society was held at Musselburgh on Saturday. The links were in fine condition and the scoring was good. The gold medal was won by a stroke after an exciting finish. CURLING. Notice is given that the annual meeting of the Royal Caledonian Curling Club will be held in Edinburgh next month, when the arrangements for the Grand Match will be considered. Owing to an accident to the train service the Wanderers arrived late, but the game was nevertheless well contested. The school F.P. played a strong game forward, and their backs showed good form in passing and tackling. EDINBURGH ACADEMICALS v. WEST OF SCOTLAND. Played at Raeburn Place before a large attendance. The Academicals won by a goal and a try to nil. Both packs played strongly and the game was fast throughout. WATSONIANS v. GLASGOW UNIVERSITY. The Watsonians won at Myreside by two goals and a try to a try. The University forwards played well but their backs were weak in tackling. CLYDESDALE v. ACADEMICALS (GLASGOW). At Titwood. A well-contested game ended in a draw, each side scoring a try. GOLF. The autumn meeting of the Royal Burgess Golfing Society was held at Musselburgh on Saturday. The links were in fine condition and the scoring was good. The gold medal was won by a stroke after an exciting finish. CURLING. Notice is given that the annual meeting of the Royal Caledonian Curling Club will be held in Edinburgh next month, when the arrangements for the Grand Match will be considered. Owing to an accident to the train service the Wanderers arrived late, but the game was nevertheless well contested. The school F.P. played a strong game forward, and their backs showed good form in passing and tackling. EDINBURGH ACADEMICALS v. WEST OF SCOTLAND. Played at Raeburn Place before a large attendance. The Academicals won by a goal and a try to nil. Both packs played strongly and the game was fast throughout. WATSONIANS v. GLASGOW UNIVERSITY. The Watsonians won at Myreside by two goals and a try to a try. The University forwards played well but their backs were weak in tackling. CLYDESDALE v. ACADEMICALS (GLASGOW). At Titwood. A well-contested game ended in a draw, each side scoring a try. GOLF. The autumn meeting of the Royal Burgess Golfing Society was held at Musselburgh on Saturday. The links were in fine condition and the scoring was good. The gold medal was won by a stroke after an exciting finish. CURLING. Notice is given that the annual meeting of the Royal Caledonian Curling Club will be held in Edinburgh next month, when the arrangements for the Grand Match will be considered. Owing to an accident to the train service the Wanderers arrived late, but the game was nevertheless well contested. The school F.P. played a strong game forward, and their backs showed good form in passing and tackling. EDINBURGH ACADEMICALS v. WEST OF SCOTLAND. Played at Raeburn Place before a large attendance. The Academicals won by a goal and a try to nil. Both packs played strongly and the game was fast throughout. WATSONIANS v. GLASGOW UNIVERSITY. The Watsonians won at Myreside by two goals and a try to a try. The University forwards played well but their backs were weak in tackling. CLYDESDALE v. ACADEMICALS (GLASGOW). At Titwood. A well-contested game ended in a draw, each side scoring a try. GOLF. The autumn meeting of the Royal Burgess Golfing Society was held at Musselburgh on Saturday. The links were in fine condition and the scoring was good. The gold medal was won by a stroke after an exciting finish. CURLING. Notice is given that the annual meeting of the Royal Caledonian Curling Club will be held in Edinburgh next month, when the arrangements for the Grand Match will be considered. Owing to an accident to the train service the Wanderers arrived late, but the game was nevertheless well contested. The school F.P. played a strong game forward, and their backs showed good form in passing and tackling. EDINBURGH ACADEMICALS v. WEST OF SCOTLAND. Played at Raeburn Place before a large attendance. The Academicals won by a goal and a try to nil. Both packs played strongly and the game was fast throughout. WATSONIANS v. GLASGOW UNIVERSITY. The Watsonians won at Myreside by two goals and a try to a try. The University forwards played well but their backs were weak in tackling. CLYDESDALE v. ACADEMICALS (GLASGOW). At Titwood. A well-contested game ended in a draw, each side scoring a try. GOLF. The autumn meeting of the Royal Burgess Golfing Society was held at Musselburgh on Saturday. The links were in fine condition and the scoring was good. The gold medal was won by a stroke after an exciting finish. CURLING. Notice is given that the annual meeting of the Royal Caledonian Curling Club will be held in Edinburgh next month, when the arrangements for the Grand Match will be considered. Owing to an accident to the train service the Wanderers arrived late, but the game was nevertheless well contested. The school F.P. played a strong game forward, and their backs showed good form in passing and tackling. EDINBURGH ACADEMICALS v. WEST OF SCOTLAND. Played at Raeburn Place before a large attendance. The Academicals won by a goal and a try to nil. Both packs played strongly and the game was fast throughout. WATSONIANS v. GLASGOW UNIVERSITY. The Watsonians won at Myreside by two goals and a try to a try. The University forwards played well but their backs were weak in tackling. CLYDESDALE v. ACADEMICALS (GLASGOW). At Titwood. A well-contested game ended in a draw, each side scoring a try. GOLF. The autumn meeting of the Royal Burgess Golfing Society was held at Musselburgh on Saturday. The links were in fine condition and the scoring was good. The gold medal was won by a stroke after an exciting finish. CURLING. Notice is given that the annual meeting of the Royal Caledonian Curling Club will be held in Edinburgh next month, when the arrangements for the Grand Match will be considered. Owing to an accident to the train service the Wanderers arrived late, but the game was nevertheless well contested. The school F.P. played a strong game forward, and their backs showed good form in passing and tackling. EDINBURGH ACADEMICALS v. WEST OF SCOTLAND. Played at Raeburn Place before a large attendance. The Academicals won by a goal and a try to nil. Both packs played strongly and the game was fast throughout. WATSONIANS v. GLASGOW UNIVERSITY. The Watsonians won at Myreside by two goals and a try to a try. The University forwards played well but their backs were weak in tackling. CLYDESDALE v. ACADEMICALS (GLASGOW). At Titwood. A well-contested game ended in a draw, each side scoring a try. GOLF. The autumn meeting of the Royal Burgess Golfing Society was held at Musselburgh on Saturday. The links were in fine condition and the scoring was good. The gold medal was won by a stroke after an exciting finish. CURLING. Notice is given that the annual meeting of the Royal Caledonian Curling Club will be held in Edinburgh next month, when the arrangements for the Grand Match will be considered. Owing to an accident to the train service the Wanderers arrived late, but the game was nevertheless well contested. The school F.P. played a strong game forward, and their backs showed good form in passing and tackling. EDINBURGH ACADEMICALS v. WEST OF SCOTLAND. Played at Raeburn Place before a large attendance. The Academicals won by a goal and a try to nil. Both packs played strongly and the game was fast throughout. WATSONIANS v. GLASGOW UNIVERSITY. The Watsonians won at Myreside by two goals and a try to a try. The University forwards played well but their backs were weak in tackling. CLYDESDALE v. ACADEMICALS (GLASGOW). At Titwood. A well-contested game ended in a draw, each side scoring a try. GOLF. The autumn meeting of the Royal Burgess Golfing Society was held at Musselburgh on Saturday. The links were in fine condition and the scoring was good. The gold medal was won by a stroke after an exciting finish. CURLING. Notice is given that the annual meeting of the Royal Caledonian Curling Club will be held in Edinburgh next month, when the arrangements for the Grand Match will be considered.
